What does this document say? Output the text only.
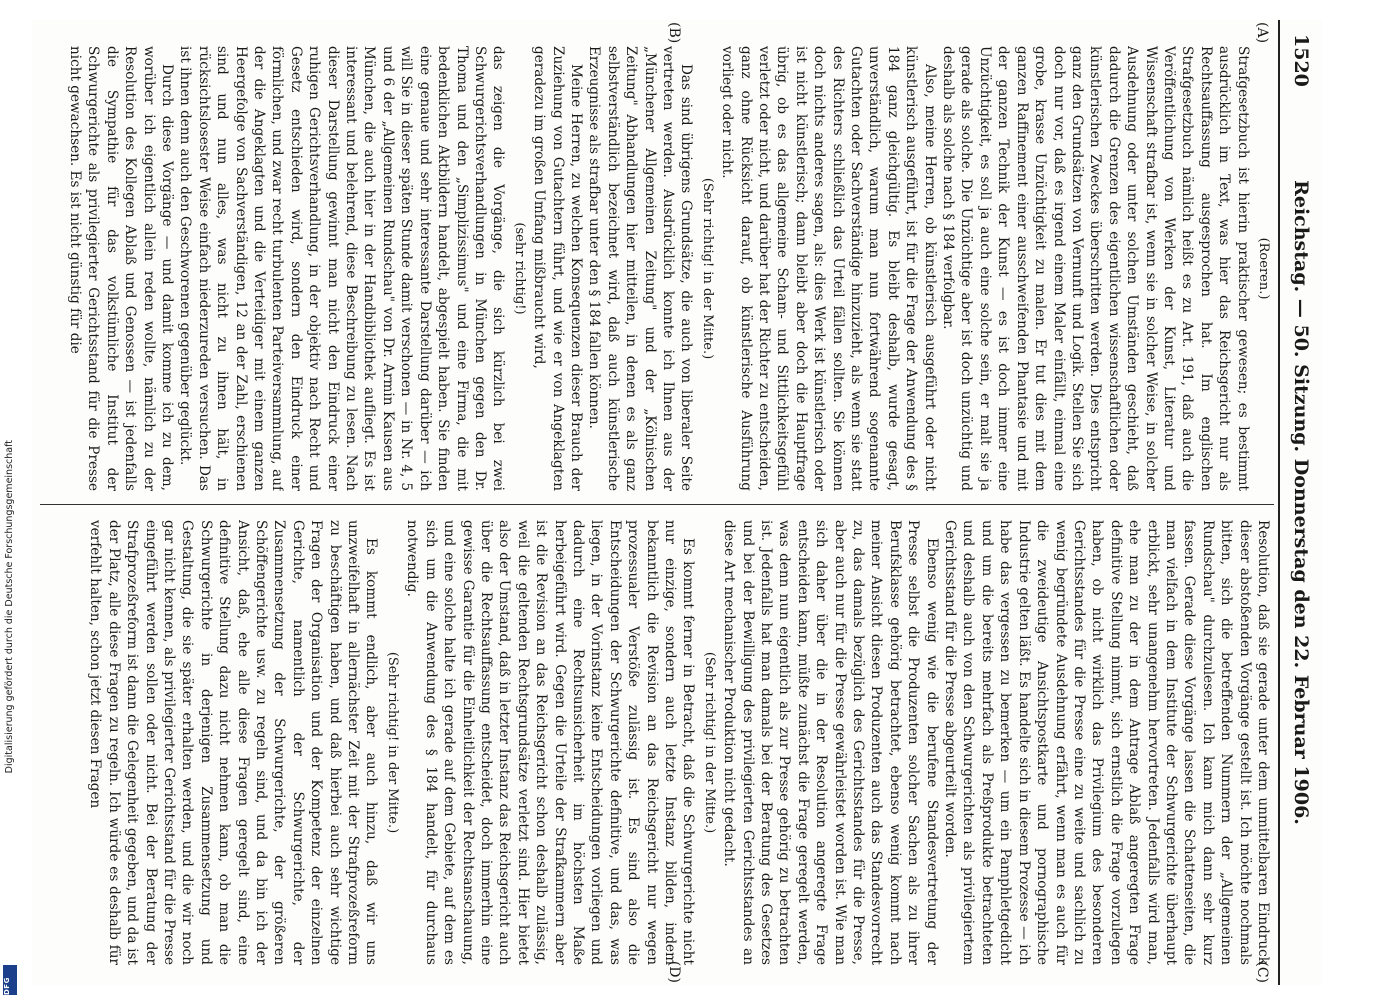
1520
Reichstag. — 50. Sitzung. Donnerstag den 22. Februar 1906.
(A)
(B)
(C)
(D)

(Roeren.)

Strafgesetzbuch ist hierin praktischer gewesen; es bestimmt ausdrücklich im Text, was hier das Reichsgericht nur als Rechtsauffassung ausgesprochen hat. Im englischen Strafgesetzbuch nämlich heißt es zu Art. 191, daß auch die Veröffentlichung von Werken der Kunst, Literatur und Wissenschaft strafbar ist, wenn sie in solcher Weise, in solcher Ausdehnung oder unter solchen Umständen geschieht, daß dadurch die Grenzen des eigentlichen wissenschaftlichen oder künstlerischen Zweckes überschritten werden. Dies entspricht ganz den Grundsätzen von Vernunft und Logik. Stellen Sie sich doch nur vor, daß es irgend einem Maler einfällt, einmal eine grobe, krasse Unzüchtigkeit zu malen. Er tut dies mit dem ganzen Raffinement einer ausschweifenden Phantasie und mit der ganzen Technik der Kunst — es ist doch immer eine Unzüchtigkeit, es soll ja auch eine solche sein, er malt sie ja gerade als solche. Die Unzüchtige aber ist doch unzüchtig und deshalb als solche nach § 184 verfolgbar.

Also, meine Herren, ob künstlerisch ausgeführt oder nicht künstlerisch ausgeführt, ist für die Frage der Anwendung des § 184 ganz gleichgültig. Es bleibt deshalb, wurde gesagt, unverständlich, warum man nun fortwährend sogenannte Gutachten oder Sachverständige hinzuzieht, als wenn sie statt des Richters schließlich das Urteil fällen sollten. Sie können doch nichts anderes sagen, als: dies Werk ist künstlerisch oder ist nicht künstlerisch; dann bleibt aber doch die Hauptfrage übrig, ob es das allgemeine Scham- und Sittlichkeitsgefühl verletzt oder nicht, und darüber hat der Richter zu entscheiden, ganz ohne Rücksicht darauf, ob künstlerische Ausführung vorliegt oder nicht.

(Sehr richtig! in der Mitte.)

Das sind übrigens Grundsätze, die auch von liberaler Seite vertreten werden. Ausdrücklich konnte ich Ihnen aus der „Münchener Allgemeinen Zeitung" und der „Kölnischen Zeitung" Abhandlungen hier mitteilen, in denen es als ganz selbstverständlich bezeichnet wird, daß auch künstlerische Erzeugnisse als strafbar unter den § 184 fallen können.

Meine Herren, zu welchen Konsequenzen dieser Brauch der Zuziehung von Gutachtern führt, und wie er von Angeklagten geradezu im großen Umfang mißbraucht wird,

(sehr richtig!)

das zeigen die Vorgänge, die sich kürzlich bei zwei Schwurgerichtsverhandlungen in München gegen den Dr. Thoma und den „Simplizissimus" und eine Firma, die mit bedenklichen Aktbildern handelt, abgespielt haben. Sie finden eine genaue und sehr interessante Darstellung darüber — ich will Sie in dieser späten Stunde damit verschonen — in Nr. 4, 5 und 6 der „Allgemeinen Rundschau" von Dr. Armin Kausen aus München, die auch hier in der Handbibliothek aufliegt. Es ist interessant und belehrend, diese Beschreibung zu lesen. Nach dieser Darstellung gewinnt man nicht den Eindruck einer ruhigen Gerichtsverhandlung, in der objektiv nach Recht und Gesetz entschieden wird, sondern den Eindruck einer förmlichen, und zwar recht turbulenten Parteiversammlung, auf der die Angeklagten und die Verteidiger mit einem ganzen Heergefolge von Sachverständigen, 12 an der Zahl, erschienen sind und nun alles, was nicht zu ihnen hält, in rücksichtslosester Weise einfach niederzureden versuchen. Das ist ihnen denn auch den Geschworenen gegenüber geglückt.

Durch diese Vorgänge — und damit komme ich zu dem, worüber ich eigentlich allein reden wollte, nämlich zu der Resolution des Kollegen Ablaß und Genossen — ist jedenfalls die Sympathie für das volkstümliche Institut der Schwurgerichte als privilegierter Gerichtsstand für die Presse nicht gewachsen. Es ist nicht günstig für die

Resolution, daß sie gerade unter dem unmittelbaren Eindruck dieser abstoßenden Vorgänge gestellt ist. Ich möchte nochmals bitten, sich die betreffenden Nummern der „Allgemeinen Rundschau" durchzulesen. Ich kann mich dann sehr kurz fassen. Gerade diese Vorgänge lassen die Schattenseiten, die man vielfach in dem Institute der Schwurgerichte überhaupt erblickt, sehr unangenehm hervortreten. Jedenfalls wird man, ehe man zu der in dem Antrage Ablaß angeregten Frage definitive Stellung nimmt, sich ernstlich die Frage vorzulegen haben, ob nicht wirklich das Privilegium des besonderen Gerichtsstandes für die Presse eine zu weite und sachlich zu wenig begründete Ausdehnung erfährt, wenn man es auch für die zweideutige Ansichtspostkarte und pornographische Industrie gelten läßt. Es handelte sich in diesem Prozesse — ich habe das vergessen zu bemerken — um ein Pamphletgedicht und um die bereits mehrfach als Preßprodukte betrachteten und deshalb auch von den Schwurgerichten als privilegiertem Gerichtsstand für die Presse abgeurteilt worden.

Ebenso wenig wie die berufene Standesvertretung der Presse selbst die Produzenten solcher Sachen als zu ihrer Berufsklasse gehörig betrachtet, ebenso wenig kommt nach meiner Ansicht diesen Produzenten auch das Standesvorrecht zu, das damals bezüglich des Gerichtsstandes für die Presse, aber auch nur für die Presse gewährleistet worden ist. Wie man sich daher über die in der Resolution angeregte Frage entscheiden kann, müßte zunächst die Frage geregelt werden, was denn nun eigentlich als zur Presse gehörig zu betrachten ist. Jedenfalls hat man damals bei der Beratung des Gesetzes und bei der Bewilligung des privilegierten Gerichtsstandes an diese Art mechanischer Produktion nicht gedacht.

(Sehr richtig! in der Mitte.)

Es kommt ferner in Betracht, daß die Schwurgerichte nicht nur einzige, sondern auch letzte Instanz bilden, indem bekanntlich die Revision an das Reichsgericht nur wegen prozessualer Verstöße zulässig ist. Es sind also die Entscheidungen der Schwurgerichte definitive, und das, was liegen, in der Vorinstanz keine Entscheidungen vorliegen und dadurch eine Rechtsunsicherheit im höchsten Maße herbeigeführt wird. Gegen die Urteile der Strafkammern aber ist die Revision an das Reichsgericht schon deshalb zulässig, weil die geltenden Rechtsgrundsätze verletzt sind. Hier bietet also der Umstand, daß in letzter Instanz das Reichsgericht auch über die Rechtsauffassung entscheidet, doch immerhin eine gewisse Garantie für die Einheitlichkeit der Rechtsanschauung, und eine solche halte ich gerade auf dem Gebiete, auf dem es sich um die Anwendung des § 184 handelt, für durchaus notwendig.

(Sehr richtig! in der Mitte.)

Es kommt endlich, aber auch hinzu, daß wir uns unzweifelhaft in allernächster Zeit mit der Strafprozeßreform zu beschäftigen haben, und daß hierbei auch sehr wichtige Fragen der Organisation und der Kompetenz der einzelnen Gerichte, namentlich der Schwurgerichte, der Zusammensetzung der Schwurgerichte, der größeren Schöffengerichte usw. zu regeln sind, und da bin ich der Ansicht, daß, ehe alle diese Fragen geregelt sind, eine definitive Stellung dazu nicht nehmen kann, ob man die Schwurgerichte in derjenigen Zusammensetzung und Gestaltung, die sie später erhalten werden, und die wir noch gar nicht kennen, als privilegierter Gerichtsstand für die Presse eingeführt werden sollen oder nicht. Bei der Beratung der Strafprozeßreform ist dann die Gelegenheit gegeben, und da ist der Platz, alle diese Fragen zu regeln. Ich würde es deshalb für verfehlt halten, schon jetzt diesen Fragen

Digitalisierung gefördert durch die Deutsche Forschungsgemeinschaft
DFG
